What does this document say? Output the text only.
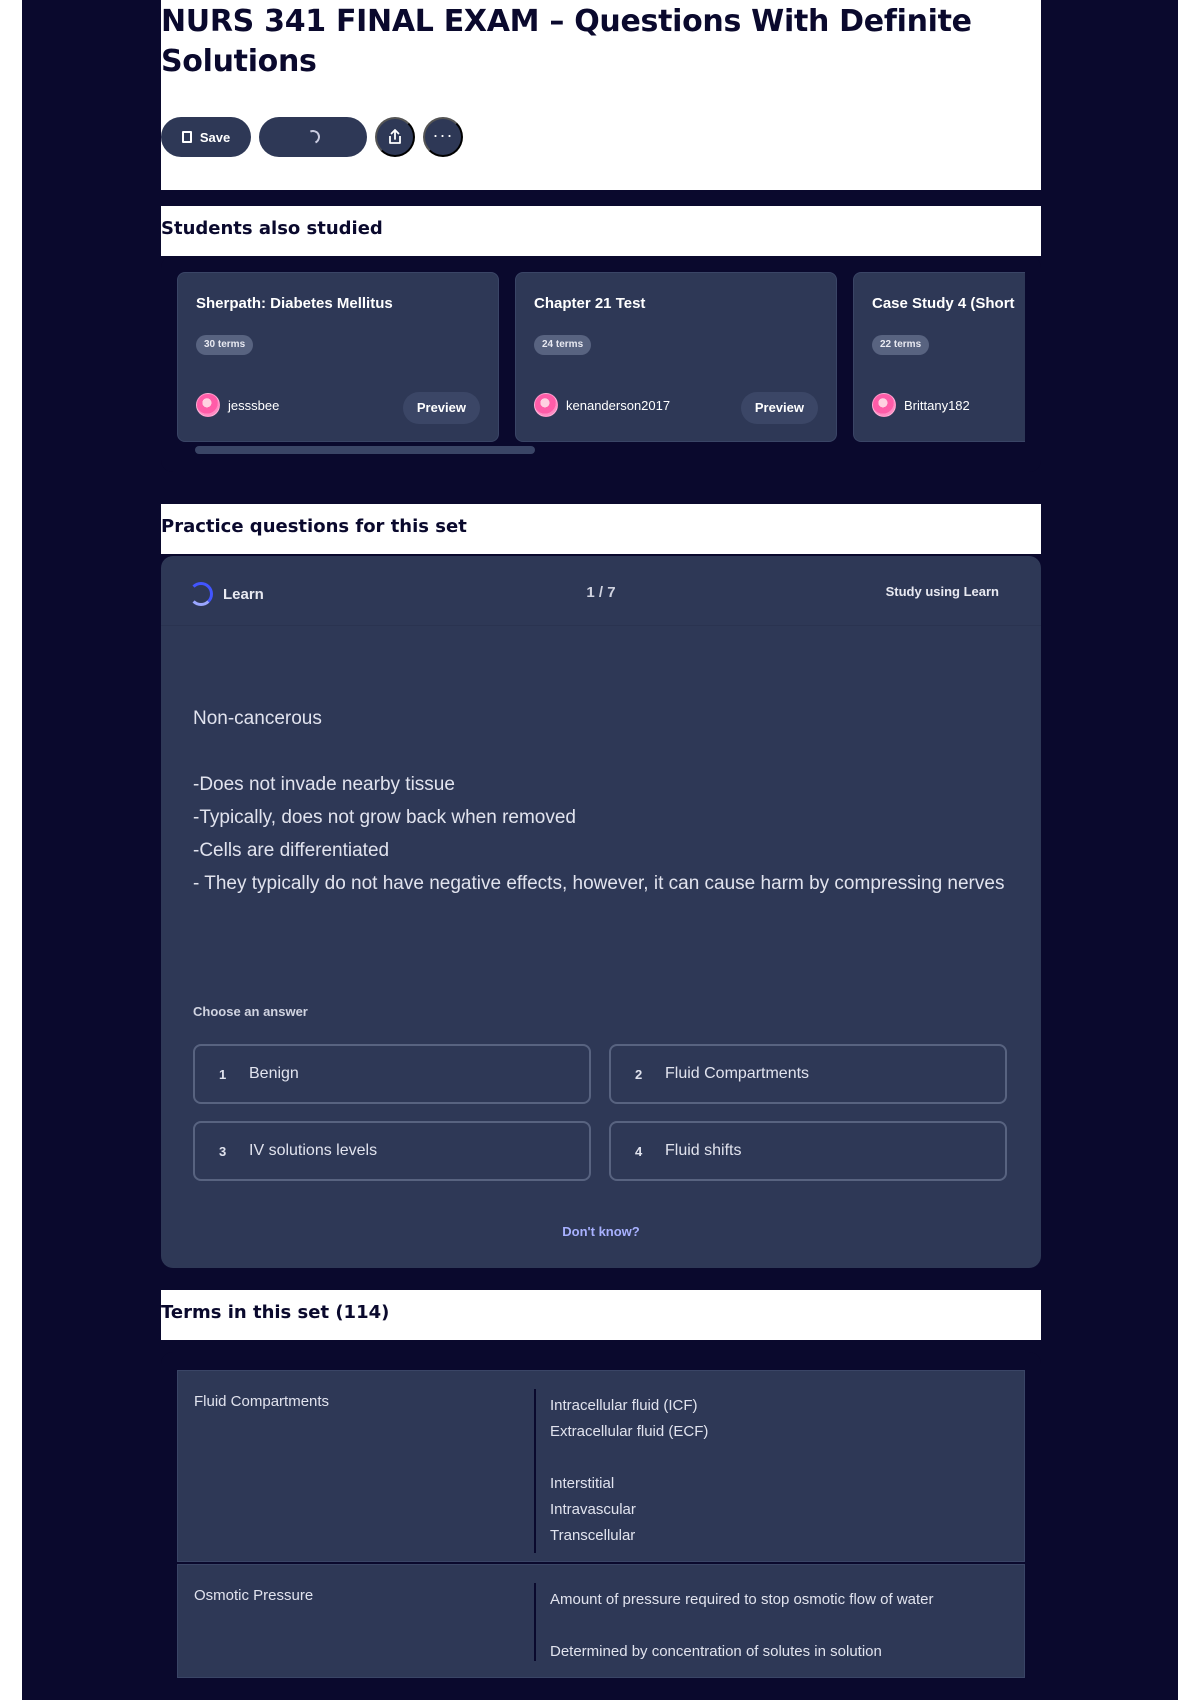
NURS 341 FINAL EXAM – Questions With Definite Solutions
Save	···
Students also studied
Sherpath: Diabetes Mellitus
30 terms
jesssbee	Preview
Chapter 21 Test
24 terms
kenanderson2017	Preview
Case Study 4 (Short
22 terms
Brittany182
Practice questions for this set
Learn	1 / 7	Study using Learn
Non-cancerous
-Does not invade nearby tissue
-Typically, does not grow back when removed
-Cells are differentiated
- They typically do not have negative effects, however, it can cause harm by compressing nerves
Choose an answer
1 Benign	2 Fluid Compartments
3 IV solutions levels	4 Fluid shifts
Don't know?
Terms in this set (114)
Fluid Compartments	Intracellular fluid (ICF)
Extracellular fluid (ECF)
Interstitial
Intravascular
Transcellular
Osmotic Pressure	Amount of pressure required to stop osmotic flow of water
Determined by concentration of solutes in solution
